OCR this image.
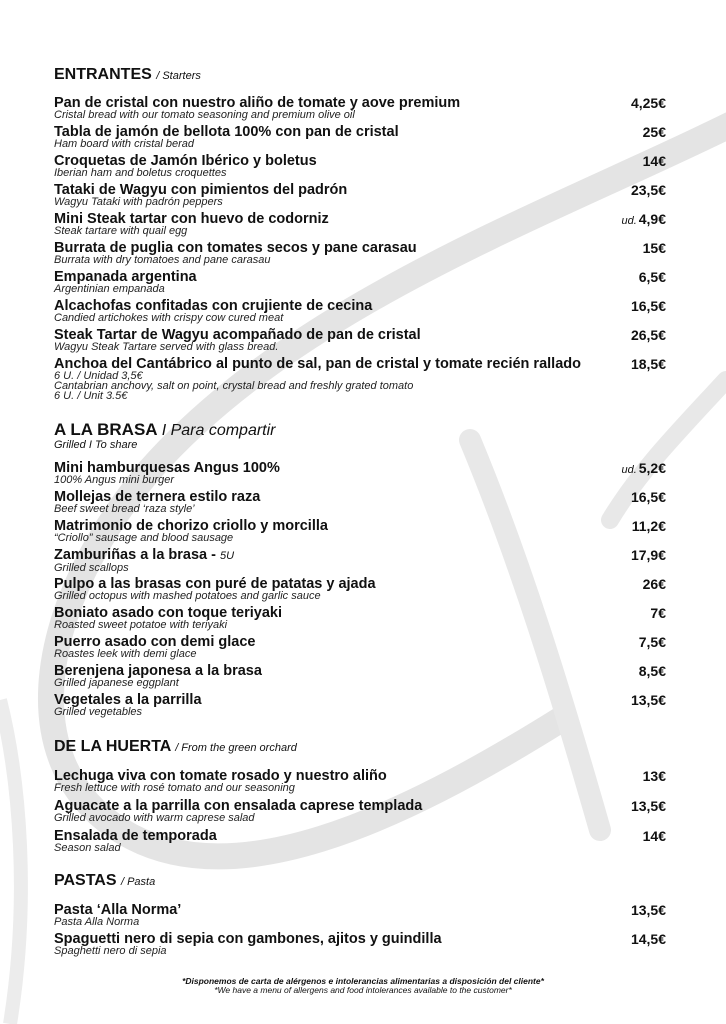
ENTRANTES / Starters
Pan de cristal con nuestro aliño de tomate y aove premium
Cristal bread with our tomato seasoning and premium olive oil
4,25€
Tabla de jamón de bellota 100% con pan de cristal
Ham board with cristal berad
25€
Croquetas de Jamón Ibérico y boletus
Iberian ham and boletus croquettes
14€
Tataki de Wagyu con pimientos del padrón
Wagyu Tataki with padrón peppers
23,5€
Mini Steak tartar con huevo de codorniz
Steak tartare with quail egg
ud. 4,9€
Burrata de puglia con tomates secos y pane carasau
Burrata with dry tomatoes and pane carasau
15€
Empanada argentina
Argentinian empanada
6,5€
Alcachofas confitadas con crujiente de cecina
Candied artichokes with crispy cow cured meat
16,5€
Steak Tartar de Wagyu acompañado de pan de cristal
Wagyu Steak Tartare served with glass bread.
26,5€
Anchoa del Cantábrico al punto de sal, pan de cristal y tomate recién rallado
6 U. / Unidad 3,5€
Cantabrian anchovy, salt on point, crystal bread and freshly grated tomato
6 U. / Unit 3.5€
18,5€
A LA BRASA I Para compartir
Grilled I To share
Mini hamburquesas Angus 100%
100% Angus mini burger
ud. 5,2€
Mollejas de ternera estilo raza
Beef sweet bread ‘raza style’
16,5€
Matrimonio de chorizo criollo y morcilla
“Criollo” sausage and blood sausage
11,2€
Zamburiñas a la brasa - 5U
Grilled scallops
17,9€
Pulpo a las brasas con puré de patatas y ajada
Grilled octopus with mashed potatoes and garlic sauce
26€
Boniato asado con toque teriyaki
Roasted sweet potatoe with teriyaki
7€
Puerro asado con demi glace
Roastes leek with demi glace
7,5€
Berenjena japonesa a la brasa
Grilled japanese eggplant
8,5€
Vegetales a la parrilla
Grilled vegetables
13,5€
DE LA HUERTA / From the green orchard
Lechuga viva con tomate rosado y nuestro aliño
Fresh lettuce with rosé tomato and our seasoning
13€
Aguacate a la parrilla con ensalada caprese templada
Grilled avocado with warm caprese salad
13,5€
Ensalada de temporada
Season salad
14€
PASTAS / Pasta
Pasta ‘Alla Norma’
Pasta Alla Norma
13,5€
Spaguetti nero di sepia con gambones, ajitos y guindilla
Spaghetti nero di sepia
14,5€
*Disponemos de carta de alérgenos e intolerancias alimentarias a disposición del cliente*
*We have a menu of allergens and food intolerances available to the customer*
